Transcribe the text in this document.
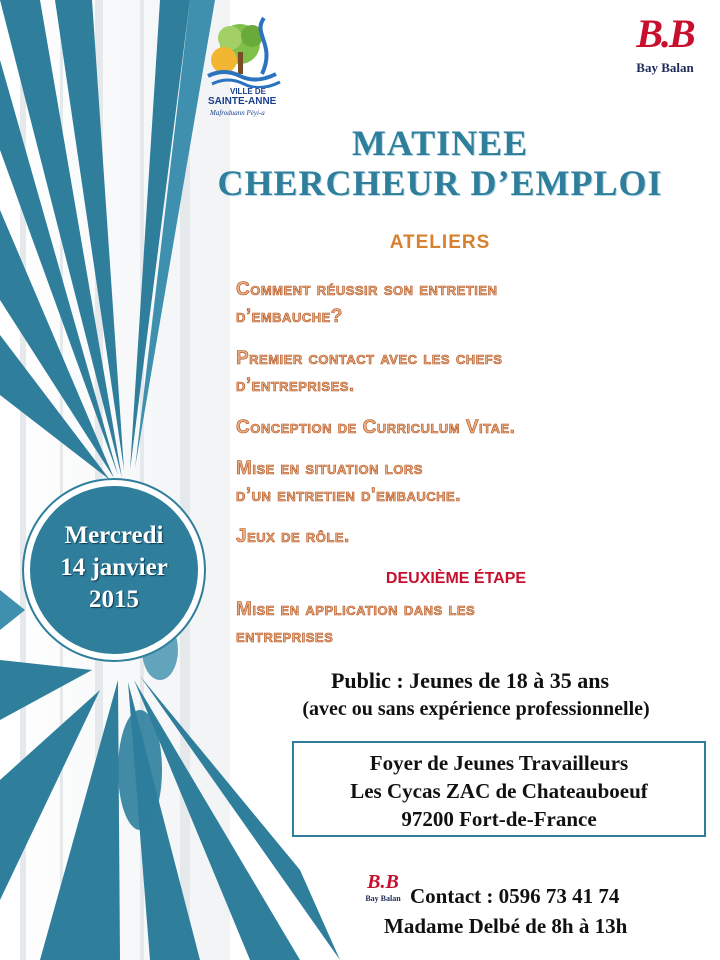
VILLE DE
SAINTE-ANNE
Mafroduann Pèyi-a
B.B
Bay Balan
MATINEE
CHERCHEUR D’EMPLOI
ATELIERS
Comment réussir son entretien
d’embauche?
Premier contact avec les chefs
d’entreprises.
Conception de Curriculum Vitae.
Mise en situation lors
d’un entretien d'embauche.
Jeux de rôle.
DEUXIÈME ÉTAPE
Mise en application dans les
entreprises
Mercredi
14 janvier
2015
Public : Jeunes de 18 à 35 ans
(avec ou sans expérience professionnelle)
Foyer de Jeunes Travailleurs
Les Cycas ZAC de Chateauboeuf
97200 Fort-de-France
B.B
Bay Balan Contact : 0596 73 41 74
Madame Delbé de 8h à 13h
